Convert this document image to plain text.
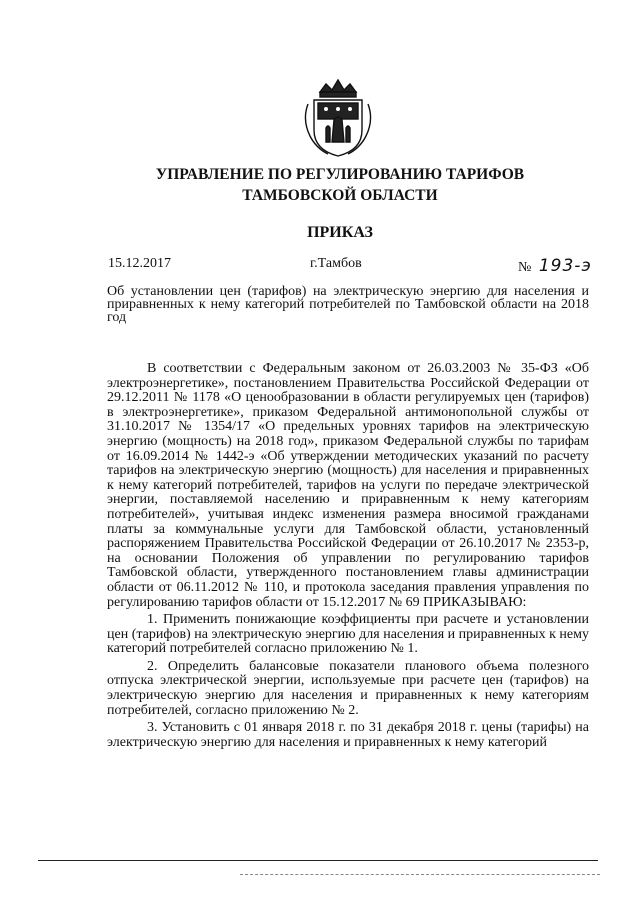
УПРАВЛЕНИЕ ПО РЕГУЛИРОВАНИЮ ТАРИФОВ
ТАМБОВСКОЙ ОБЛАСТИ
ПРИКАЗ
15.12.2017	г.Тамбов	№ 193-э
Об установлении цен (тарифов) на электрическую энергию для населения и приравненных к нему категорий потребителей по Тамбовской области на 2018 год

В соответствии с Федеральным законом от 26.03.2003 № 35-ФЗ «Об электроэнергетике», постановлением Правительства Российской Федерации от 29.12.2011 № 1178 «О ценообразовании в области регулируемых цен (тарифов) в электроэнергетике», приказом Федеральной антимонопольной службы от 31.10.2017 № 1354/17 «О предельных уровнях тарифов на электрическую энергию (мощность) на 2018 год», приказом Федеральной службы по тарифам от 16.09.2014 № 1442-э «Об утверждении методических указаний по расчету тарифов на электрическую энергию (мощность) для населения и приравненных к нему категорий потребителей, тарифов на услуги по передаче электрической энергии, поставляемой населению и приравненным к нему категориям потребителей», учитывая индекс изменения размера вносимой гражданами платы за коммунальные услуги для Тамбовской области, установленный распоряжением Правительства Российской Федерации от 26.10.2017 № 2353-р, на основании Положения об управлении по регулированию тарифов Тамбовской области, утвержденного постановлением главы администрации области от 06.11.2012 № 110, и протокола заседания правления управления по регулированию тарифов области от 15.12.2017 № 69 ПРИКАЗЫВАЮ:

1. Применить понижающие коэффициенты при расчете и установлении цен (тарифов) на электрическую энергию для населения и приравненных к нему категорий потребителей согласно приложению № 1.

2. Определить балансовые показатели планового объема полезного отпуска электрической энергии, используемые при расчете цен (тарифов) на электрическую энергию для населения и приравненных к нему категориям потребителей, согласно приложению № 2.

3. Установить с 01 января 2018 г. по 31 декабря 2018 г. цены (тарифы) на электрическую энергию для населения и приравненных к нему категорий
